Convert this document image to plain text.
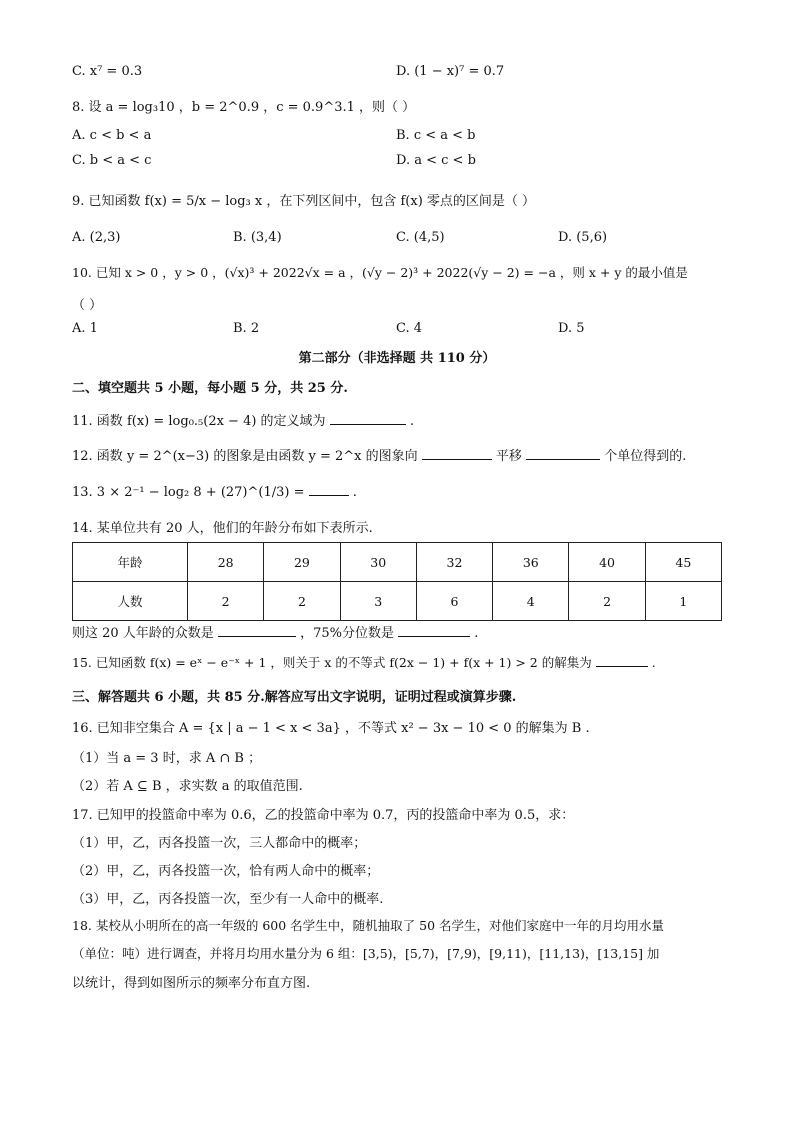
C. x⁷ = 0.3	D. (1 − x)⁷ = 0.7
8. 设 a = log₃10 ，b = 2^0.9 ，c = 0.9^3.1 ，则（ ）
A. c < b < a	B. c < a < b
C. b < a < c	D. a < c < b
9. 已知函数 f(x) = 5/x − log₃ x ，在下列区间中，包含 f(x) 零点的区间是（ ）
A. (2,3)	B. (3,4)	C. (4,5)	D. (5,6)
10. 已知 x > 0 ，y > 0 ，(√x)³ + 2022√x = a ，(√y − 2)³ + 2022(√y − 2) = −a ，则 x + y 的最小值是
（ ）
A. 1	B. 2	C. 4	D. 5
第二部分（非选择题 共 110 分）
二、填空题共 5 小题，每小题 5 分，共 25 分.
11. 函数 f(x) = log₀.₅(2x − 4) 的定义域为	.
12. 函数 y = 2^(x−3) 的图象是由函数 y = 2^x 的图象向	平移	个单位得到的.
13. 3 × 2⁻¹ − log₂ 8 + (27)^(1/3) =	.
14. 某单位共有 20 人，他们的年龄分布如下表所示.
年龄	28	29	30	32	36	40	45
人数	2	2	3	6	4	2	1
则这 20 人年龄的众数是	，75%分位数是	.
15. 已知函数 f(x) = eˣ − e⁻ˣ + 1 ，则关于 x 的不等式 f(2x − 1) + f(x + 1) > 2 的解集为	.
三、解答题共 6 小题，共 85 分.解答应写出文字说明，证明过程或演算步骤.
16. 已知非空集合 A = {x | a − 1 < x < 3a} ，不等式 x² − 3x − 10 < 0 的解集为 B .
（1）当 a = 3 时，求 A ∩ B ；
（2）若 A ⊆ B ，求实数 a 的取值范围.
17. 已知甲的投篮命中率为 0.6，乙的投篮命中率为 0.7，丙的投篮命中率为 0.5，求：
（1）甲，乙，丙各投篮一次，三人都命中的概率；
（2）甲，乙，丙各投篮一次，恰有两人命中的概率；
（3）甲，乙，丙各投篮一次，至少有一人命中的概率.
18. 某校从小明所在的高一年级的 600 名学生中，随机抽取了 50 名学生，对他们家庭中一年的月均用水量
（单位：吨）进行调查，并将月均用水量分为 6 组：[3,5)，[5,7)，[7,9)，[9,11)，[11,13)，[13,15] 加
以统计，得到如图所示的频率分布直方图.
